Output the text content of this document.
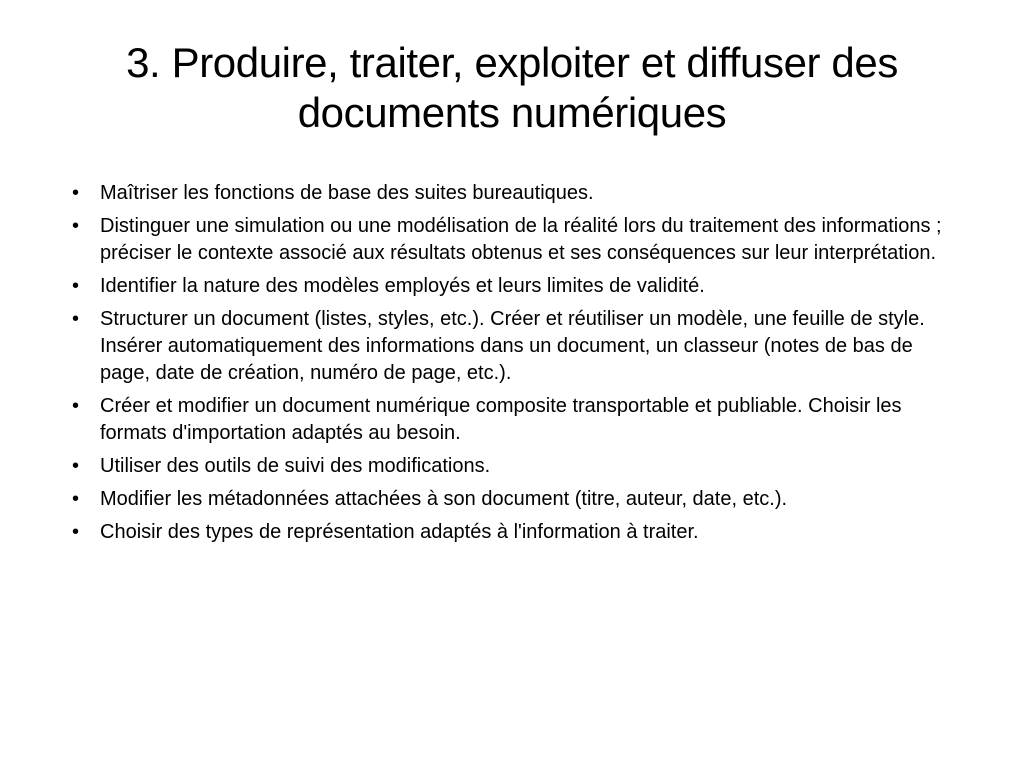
3. Produire, traiter, exploiter et diffuser des documents numériques
• Maîtriser les fonctions de base des suites bureautiques.
• Distinguer une simulation ou une modélisation de la réalité lors du traitement des informations ; préciser le contexte associé aux résultats obtenus et ses conséquences sur leur interprétation.
• Identifier la nature des modèles employés et leurs limites de validité.
• Structurer un document (listes, styles, etc.). Créer et réutiliser un modèle, une feuille de style. Insérer automatiquement des informations dans un document, un classeur (notes de bas de page, date de création, numéro de page, etc.).
• Créer et modifier un document numérique composite transportable et publiable. Choisir les formats d'importation adaptés au besoin.
• Utiliser des outils de suivi des modifications.
• Modifier les métadonnées attachées à son document (titre, auteur, date, etc.).
• Choisir des types de représentation adaptés à l'information à traiter.
